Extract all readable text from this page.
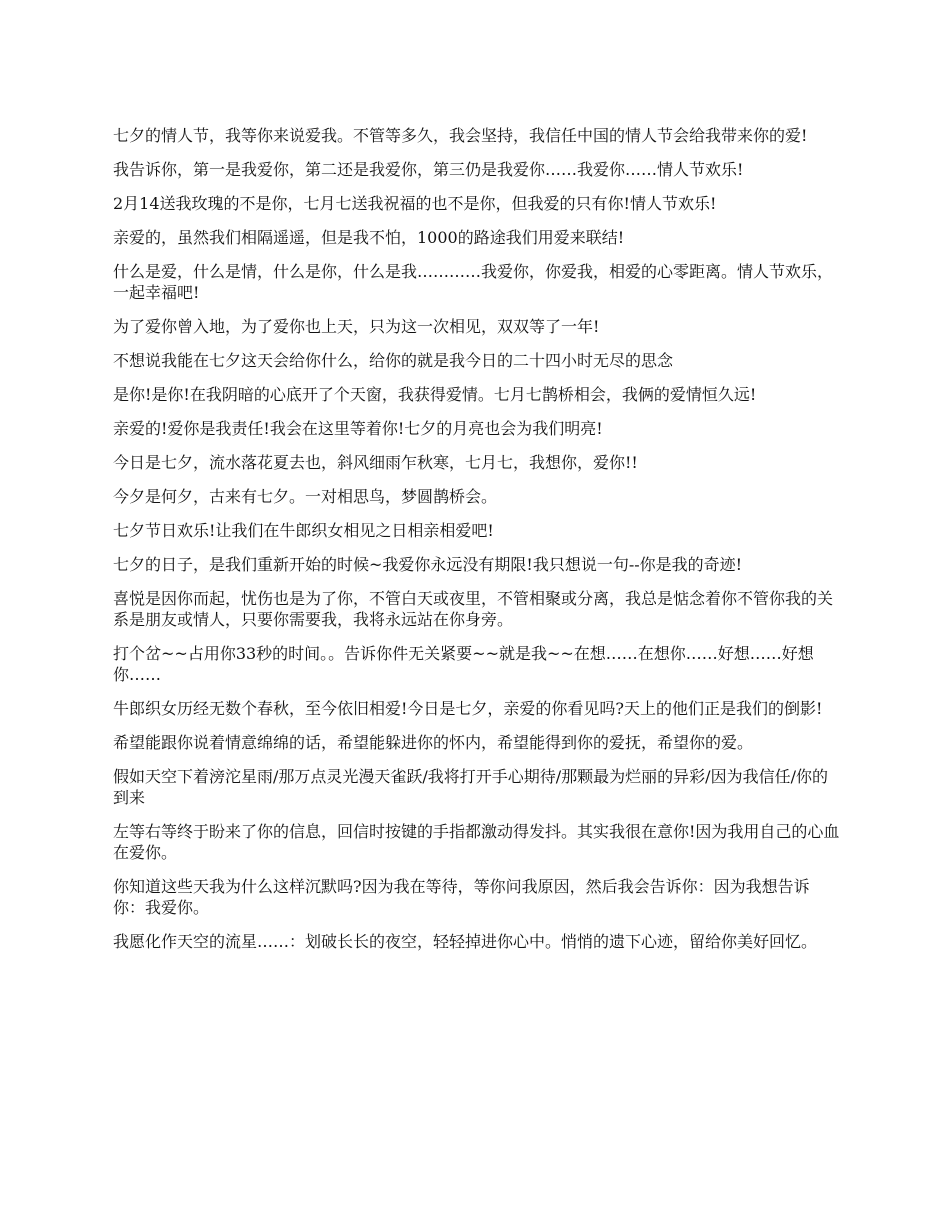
七夕的情人节，我等你来说爱我。不管等多久，我会坚持，我信任中国的情人节会给我带来你的爱!

我告诉你，第一是我爱你，第二还是我爱你，第三仍是我爱你……我爱你……情人节欢乐!

2月14送我玫瑰的不是你，七月七送我祝福的也不是你，但我爱的只有你!情人节欢乐!

亲爱的，虽然我们相隔遥遥，但是我不怕，1000的路途我们用爱来联结!

什么是爱，什么是情，什么是你，什么是我…………我爱你，你爱我，相爱的心零距离。情人节欢乐，一起幸福吧!

为了爱你曾入地，为了爱你也上天，只为这一次相见，双双等了一年!

不想说我能在七夕这天会给你什么，给你的就是我今日的二十四小时无尽的思念

是你!是你!在我阴暗的心底开了个天窗，我获得爱情。七月七鹊桥相会，我俩的爱情恒久远!

亲爱的!爱你是我责任!我会在这里等着你!七夕的月亮也会为我们明亮!

今日是七夕，流水落花夏去也，斜风细雨乍秋寒，七月七，我想你，爱你!!

今夕是何夕，古来有七夕。一对相思鸟，梦圆鹊桥会。

七夕节日欢乐!让我们在牛郎织女相见之日相亲相爱吧!

七夕的日子，是我们重新开始的时候~我爱你永远没有期限!我只想说一句--你是我的奇迹!

喜悦是因你而起，忧伤也是为了你，不管白天或夜里，不管相聚或分离，我总是惦念着你不管你我的关系是朋友或情人，只要你需要我，我将永远站在你身旁。

打个岔~~占用你33秒的时间。。告诉你件无关紧要~~就是我~~在想……在想你……好想……好想你……

牛郎织女历经无数个春秋，至今依旧相爱!今日是七夕，亲爱的你看见吗?天上的他们正是我们的倒影!

希望能跟你说着情意绵绵的话，希望能躲进你的怀内，希望能得到你的爱抚，希望你的爱。

假如天空下着滂沱星雨/那万点灵光漫天雀跃/我将打开手心期待/那颗最为烂丽的异彩/因为我信任/你的到来

左等右等终于盼来了你的信息，回信时按键的手指都激动得发抖。其实我很在意你!因为我用自己的心血在爱你。

你知道这些天我为什么这样沉默吗?因为我在等待，等你问我原因，然后我会告诉你：因为我想告诉你：我爱你。

我愿化作天空的流星……：划破长长的夜空，轻轻掉进你心中。悄悄的遗下心迹，留给你美好回忆。
